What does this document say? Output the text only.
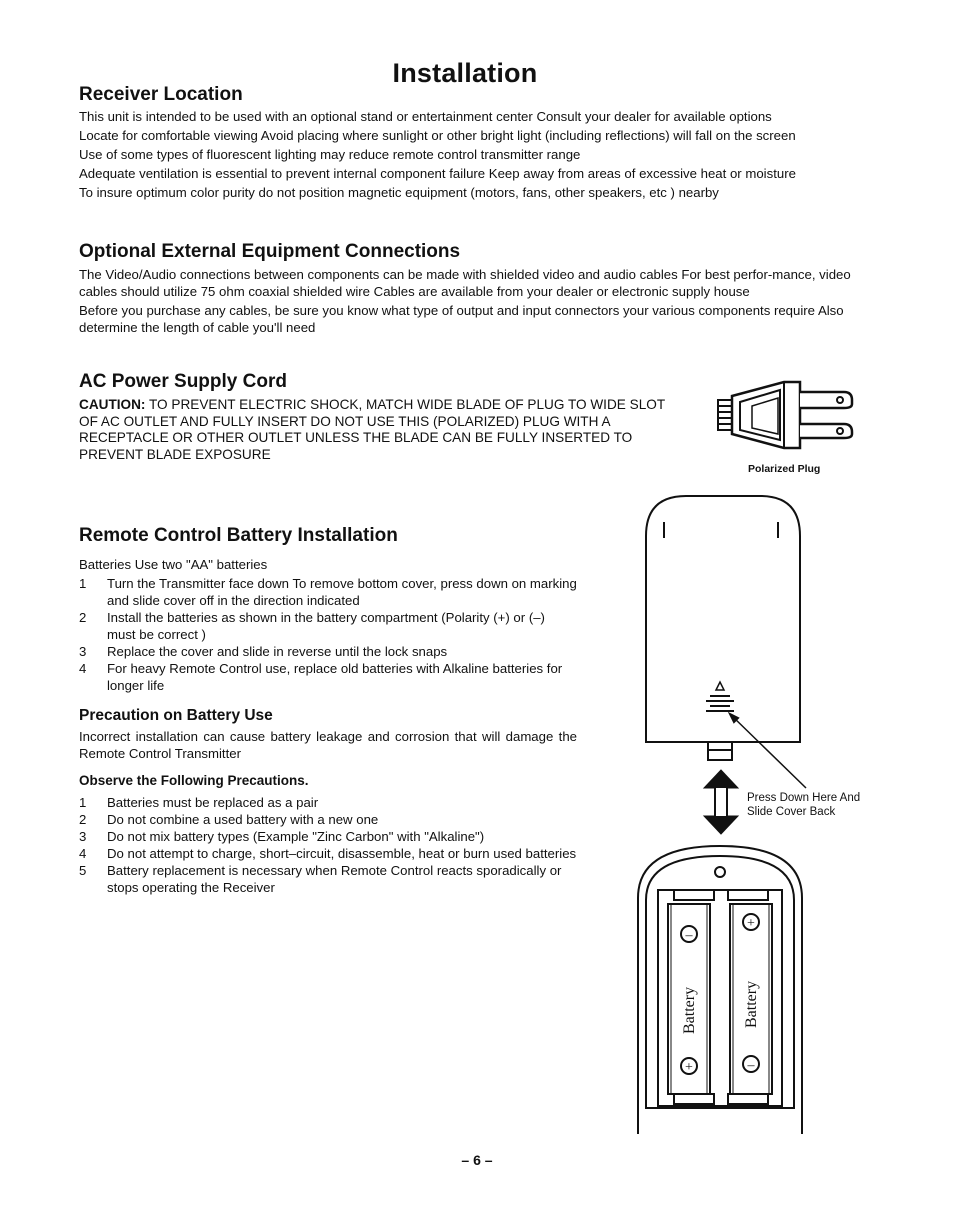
Installation
Receiver Location
This unit is intended to be used with an optional stand or entertainment center Consult your dealer for available options
Locate for comfortable viewing Avoid placing where sunlight or other bright light (including reflections) will fall on the screen
Use of some types of fluorescent lighting may reduce remote control transmitter range
Adequate ventilation is essential to prevent internal component failure Keep away from areas of excessive heat or moisture
To insure optimum color purity do not position magnetic equipment (motors, fans, other speakers, etc ) nearby
Optional External Equipment Connections
The Video/Audio connections between components can be made with shielded video and audio cables For best perfor-mance, video cables should utilize 75 ohm coaxial shielded wire Cables are available from your dealer or electronic supply house
Before you purchase any cables, be sure you know what type of output and input connectors your various components require Also determine the length of cable you'll need
AC Power Supply Cord
CAUTION: TO PREVENT ELECTRIC SHOCK, MATCH WIDE BLADE OF PLUG TO WIDE SLOT OF AC OUTLET AND FULLY INSERT DO NOT USE THIS (POLARIZED) PLUG WITH A RECEPTACLE OR OTHER OUTLET UNLESS THE BLADE CAN BE FULLY INSERTED TO PREVENT BLADE EXPOSURE
Polarized Plug
Remote Control Battery Installation
Batteries Use two "AA" batteries
1 Turn the Transmitter face down To remove bottom cover, press down on marking and slide cover off in the direction indicated
2 Install the batteries as shown in the battery compartment (Polarity (+) or (–) must be correct )
3 Replace the cover and slide in reverse until the lock snaps
4 For heavy Remote Control use, replace old batteries with Alkaline batteries for longer life
Precaution on Battery Use
Incorrect installation can cause battery leakage and corrosion that will damage the Remote Control Transmitter
Observe the Following Precautions.
1 Batteries must be replaced as a pair
2 Do not combine a used battery with a new one
3 Do not mix battery types (Example "Zinc Carbon" with "Alkaline")
4 Do not attempt to charge, short–circuit, disassemble, heat or burn used batteries
5 Battery replacement is necessary when Remote Control reacts sporadically or stops operating the Receiver
Press Down Here And
Slide Cover Back
–
+
+
–
Battery	Battery
– 6 –
